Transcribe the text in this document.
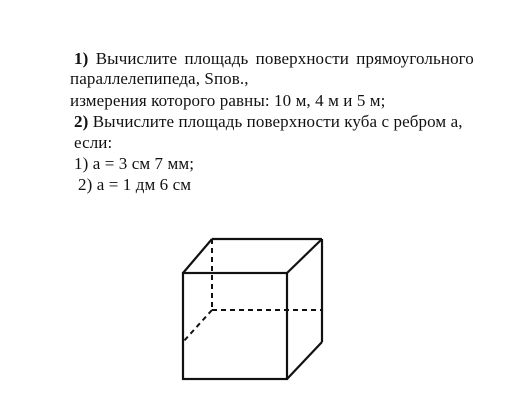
1) Вычислите площадь поверхности прямоугольного
параллелепипеда, Sпов.,
измерения которого равны: 10 м, 4 м и 5 м;
2) Вычислите площадь поверхности куба с ребром а,
если:
1) а = 3 см 7 мм;
2) а = 1 дм 6 см
